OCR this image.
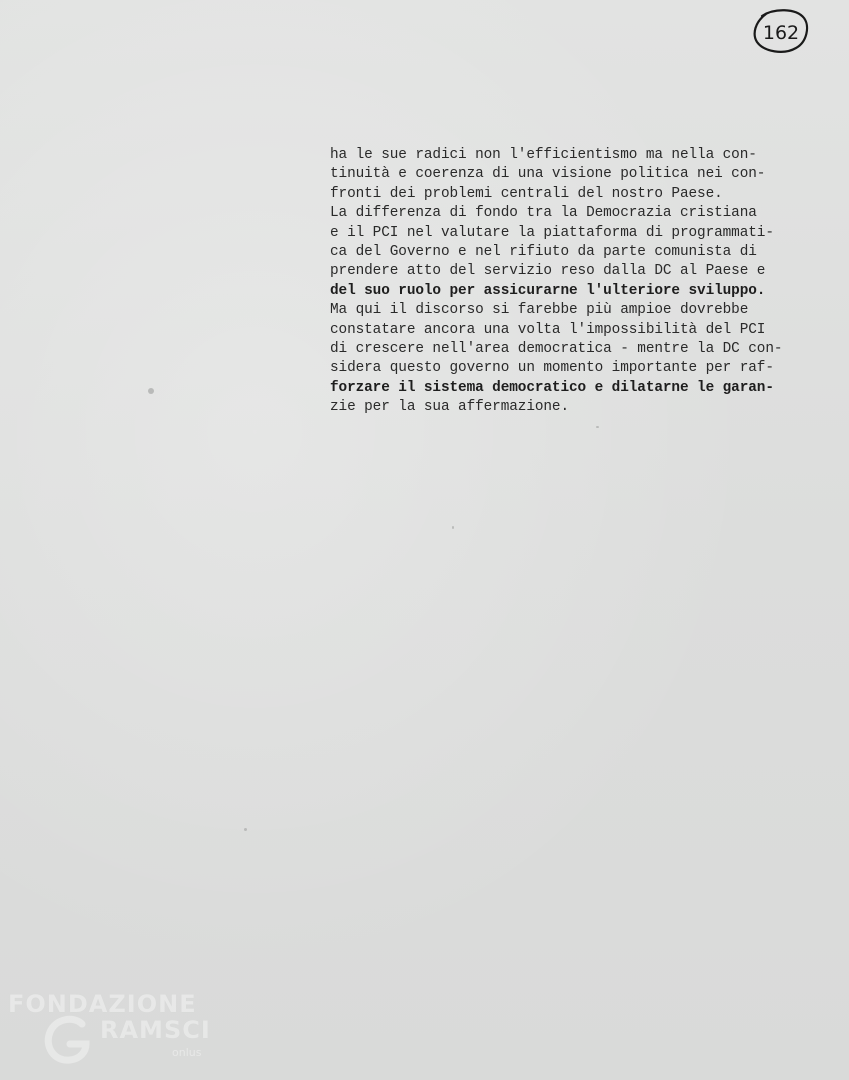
162
ha le sue radici non l'efficientismo ma nella con-
tinuità e coerenza di una visione politica nei con-
fronti dei problemi centrali del nostro Paese.
La differenza di fondo tra la Democrazia cristiana
e il PCI nel valutare la piattaforma di programmati-
ca del Governo e nel rifiuto da parte comunista di
prendere atto del servizio reso dalla DC al Paese e
del suo ruolo per assicurarne l'ulteriore sviluppo.
Ma qui il discorso si farebbe più ampioe dovrebbe
constatare ancora una volta l'impossibilità del PCI
di crescere nell'area democratica - mentre la DC con-
sidera questo governo un momento importante per raf-
forzare il sistema democratico e dilatarne le garan-
zie per la sua affermazione.
FONDAZIONE
RAMSCI
onlus
